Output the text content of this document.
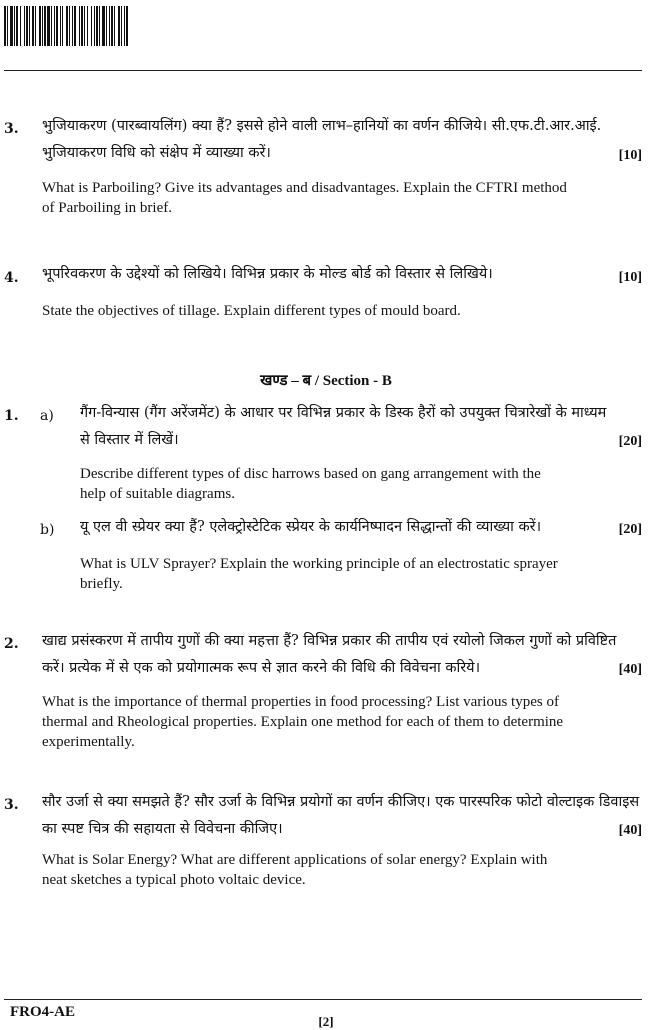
3. भुजियाकरण (पारब्वायलिंग) क्या हैं? इससे होने वाली लाभ–हानियों का वर्णन कीजिये। सी.एफ.टी.आर.आई.
भुजियाकरण विधि को संक्षेप में व्याख्या करें।	[10]
What is Parboiling? Give its advantages and disadvantages. Explain the CFTRI method
of Parboiling in brief.
4. भूपरिवकरण के उद्देश्यों को लिखिये। विभिन्न प्रकार के मोल्ड बोर्ड को विस्तार से लिखिये।	[10]
State the objectives of tillage. Explain different types of mould board.
खण्ड – ब / Section - B
1. a) गैंग-विन्यास (गैंग अरेंजमेंट) के आधार पर विभिन्न प्रकार के डिस्क हैरों को उपयुक्त चित्रारेखों के माध्यम
से विस्तार में लिखें।	[20]
Describe different types of disc harrows based on gang arrangement with the
help of suitable diagrams.
b) यू एल वी स्प्रेयर क्या हैं? एलेक्ट्रोस्टेटिक स्प्रेयर के कार्यनिष्पादन सिद्धान्तों की व्याख्या करें।	[20]
What is ULV Sprayer? Explain the working principle of an electrostatic sprayer
briefly.
2. खाद्य प्रसंस्करण में तापीय गुणों की क्या महत्ता हैं? विभिन्न प्रकार की तापीय एवं रयोलो जिकल गुणों को प्रविष्टित
करें। प्रत्येक में से एक को प्रयोगात्मक रूप से ज्ञात करने की विधि की विवेचना करिये।	[40]
What is the importance of thermal properties in food processing? List various types of
thermal and Rheological properties. Explain one method for each of them to determine
experimentally.
3. सौर उर्जा से क्या समझते हैं? सौर उर्जा के विभिन्न प्रयोगों का वर्णन कीजिए। एक पारस्परिक फोटो वोल्टाइक डिवाइस
का स्पष्ट चित्र की सहायता से विवेचना कीजिए।	[40]
What is Solar Energy? What are different applications of solar energy? Explain with
neat sketches a typical photo voltaic device.
FRO4-AE
[2]
